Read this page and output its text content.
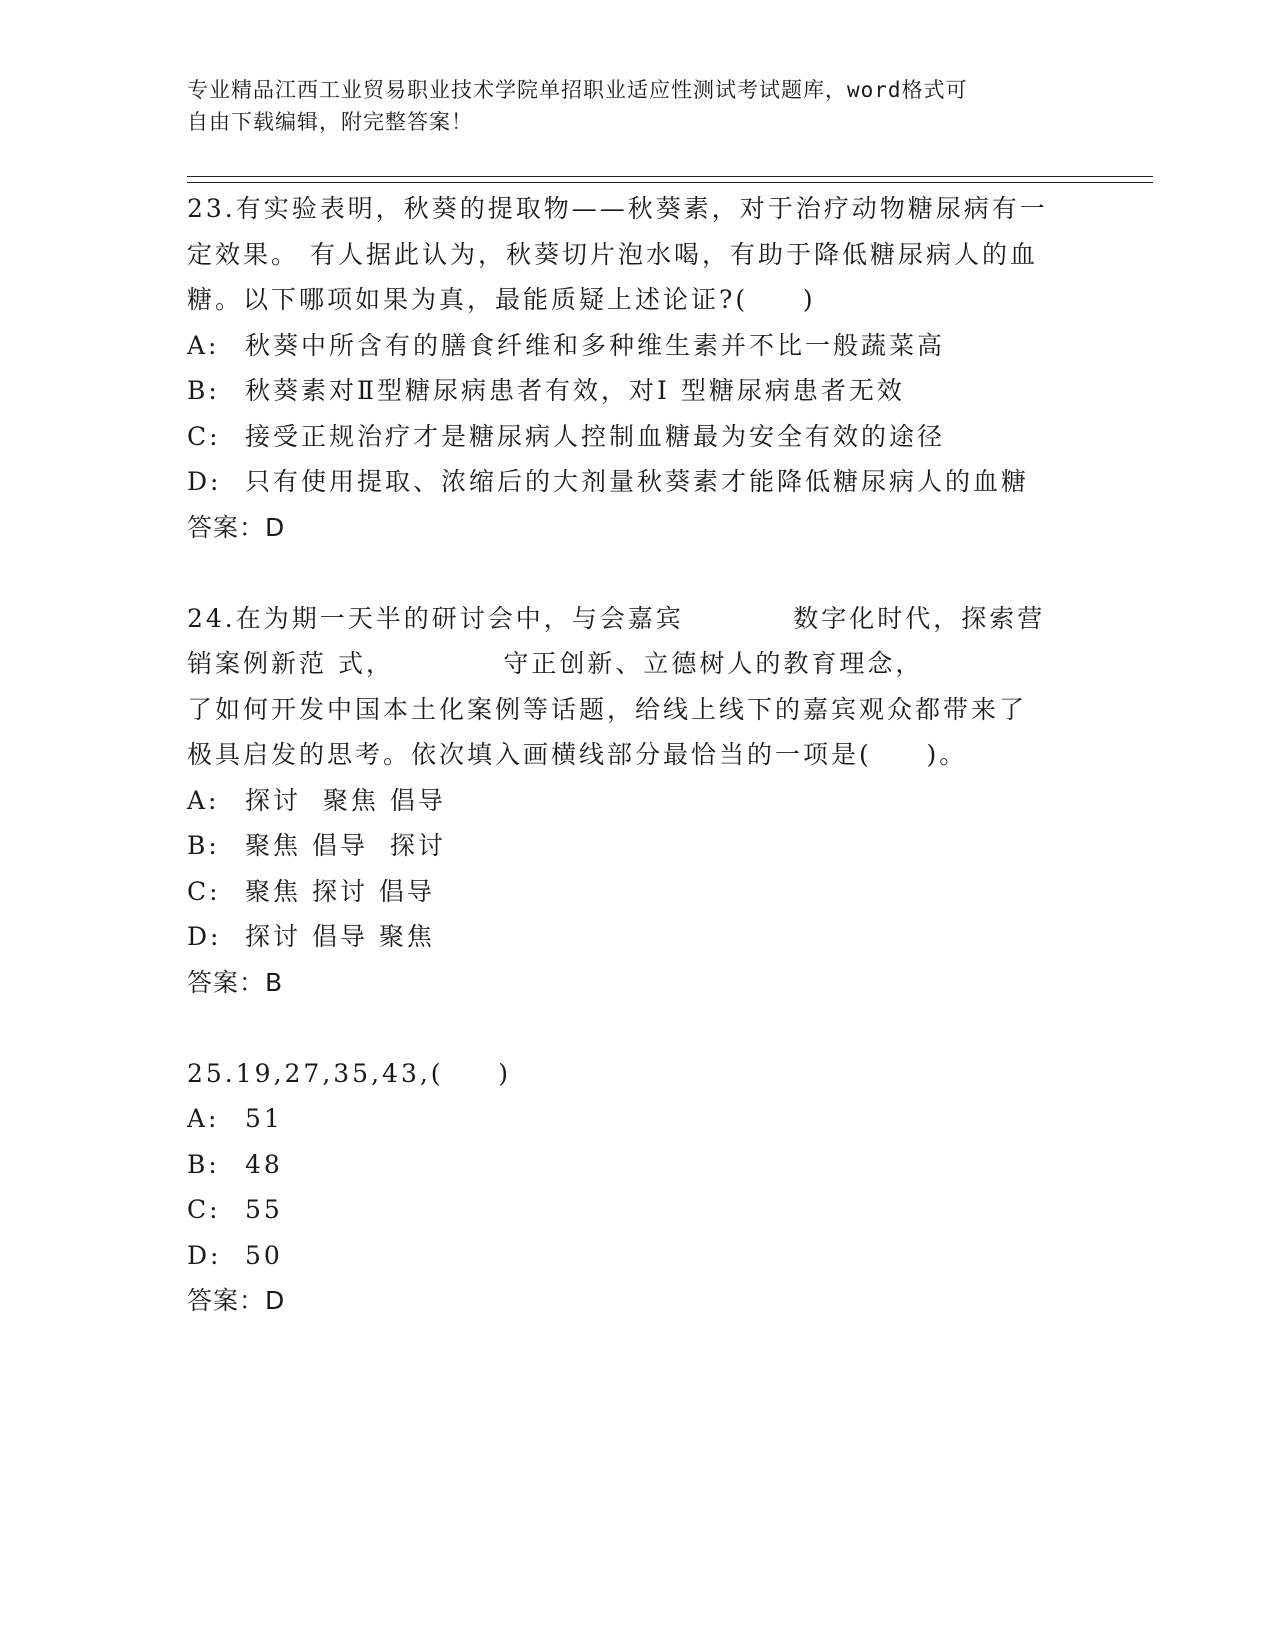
专业精品江西工业贸易职业技术学院单招职业适应性测试考试题库，word格式可
自由下载编辑，附完整答案！
23.有实验表明，秋葵的提取物——秋葵素，对于治疗动物糖尿病有一
定效果。 有人据此认为，秋葵切片泡水喝，有助于降低糖尿病人的血
糖。以下哪项如果为真，最能质疑上述论证?(     )
A:	秋葵中所含有的膳食纤维和多种维生素并不比一般蔬菜高
B:	秋葵素对Ⅱ型糖尿病患者有效，对Ⅰ 型糖尿病患者无效
C: 接受正规治疗才是糖尿病人控制血糖最为安全有效的途径
D: 只有使用提取、浓缩后的大剂量秋葵素才能降低糖尿病人的血糖
答案：D
24.在为期一天半的研讨会中，与会嘉宾          数字化时代，探索营
销案例新范 式，          守正创新、立德树人的教育理念，
了如何开发中国本土化案例等话题，给线上线下的嘉宾观众都带来了
极具启发的思考。依次填入画横线部分最恰当的一项是(     )。
A:	探讨  聚焦 倡导
B:	聚焦 倡导  探讨
C: 聚焦 探讨 倡导
D: 探讨 倡导 聚焦
答案：B
25.19,27,35,43,(     )
A:	51
B:	48
C: 55
D: 50
答案：D
